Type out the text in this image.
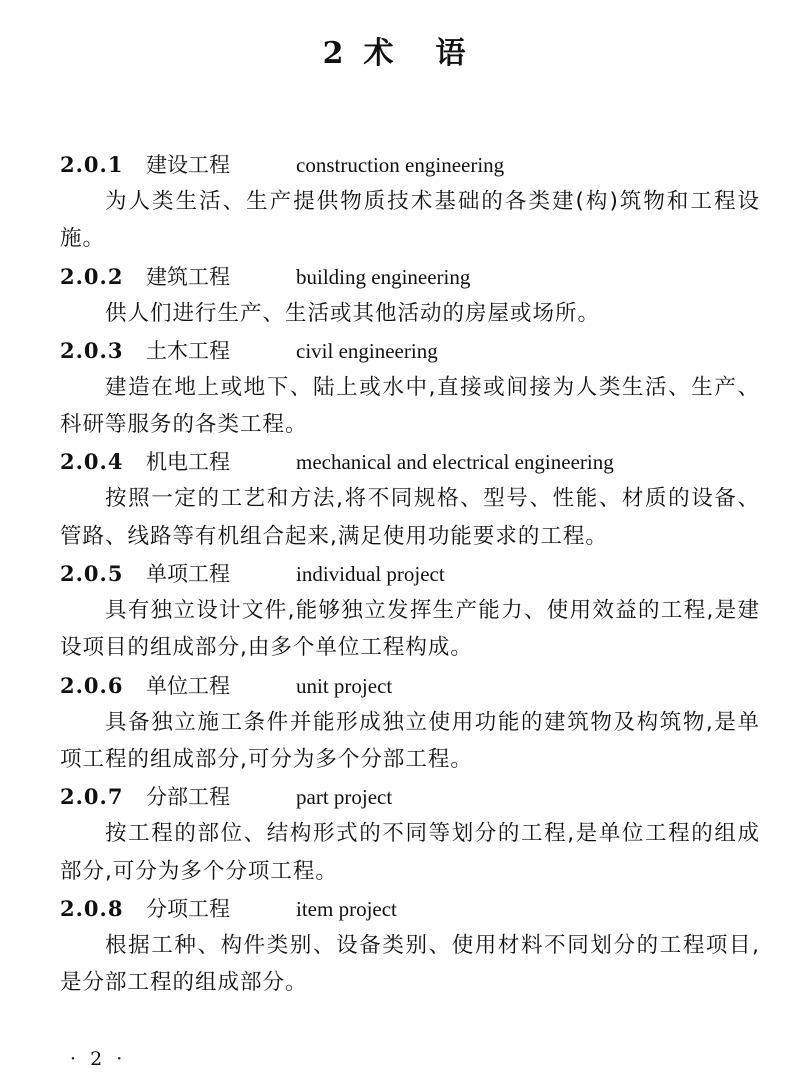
2 术 语
2.0.1 建设工程	construction engineering

为人类生活、生产提供物质技术基础的各类建(构)筑物和工程设施。

2.0.2 建筑工程	building engineering

供人们进行生产、生活或其他活动的房屋或场所。

2.0.3 土木工程	civil engineering

建造在地上或地下、陆上或水中,直接或间接为人类生活、生产、科研等服务的各类工程。

2.0.4 机电工程	mechanical and electrical engineering

按照一定的工艺和方法,将不同规格、型号、性能、材质的设备、管路、线路等有机组合起来,满足使用功能要求的工程。

2.0.5 单项工程	individual project

具有独立设计文件,能够独立发挥生产能力、使用效益的工程,是建设项目的组成部分,由多个单位工程构成。

2.0.6 单位工程	unit project

具备独立施工条件并能形成独立使用功能的建筑物及构筑物,是单项工程的组成部分,可分为多个分部工程。

2.0.7 分部工程	part project

按工程的部位、结构形式的不同等划分的工程,是单位工程的组成部分,可分为多个分项工程。

2.0.8 分项工程	item project

根据工种、构件类别、设备类别、使用材料不同划分的工程项目,是分部工程的组成部分。

· 2 ·
